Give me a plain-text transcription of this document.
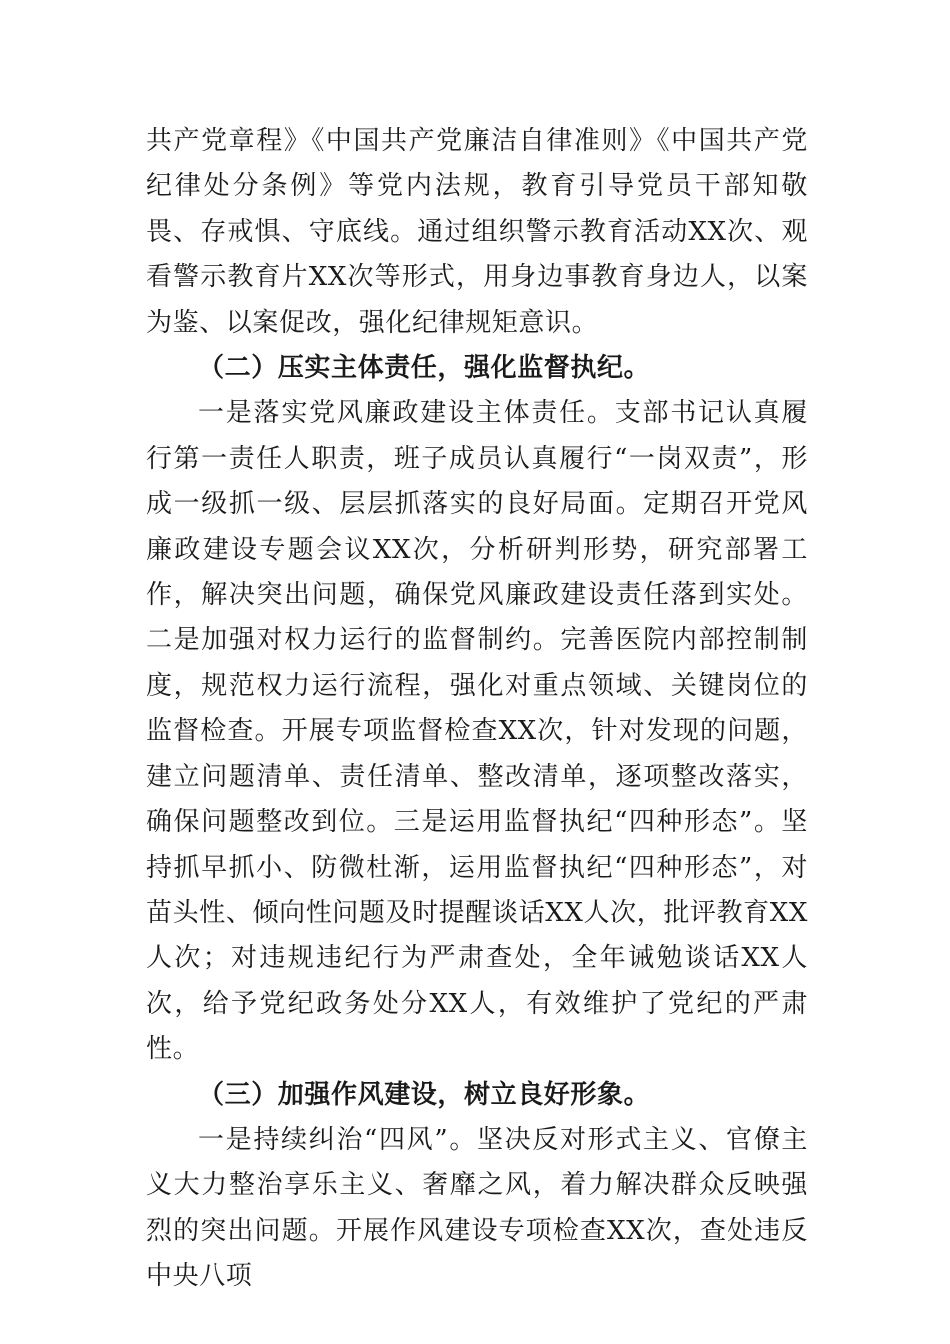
共产党章程》《中国共产党廉洁自律准则》《中国共产党纪律处分条例》等党内法规，教育引导党员干部知敬畏、存戒惧、守底线。通过组织警示教育活动XX次、观看警示教育片XX次等形式，用身边事教育身边人，以案为鉴、以案促改，强化纪律规矩意识。

（二）压实主体责任，强化监督执纪。

一是落实党风廉政建设主体责任。支部书记认真履行第一责任人职责，班子成员认真履行“一岗双责”，形成一级抓一级、层层抓落实的良好局面。定期召开党风廉政建设专题会议XX次，分析研判形势，研究部署工作，解决突出问题，确保党风廉政建设责任落到实处。二是加强对权力运行的监督制约。完善医院内部控制制度，规范权力运行流程，强化对重点领域、关键岗位的监督检查。开展专项监督检查XX次，针对发现的问题，建立问题清单、责任清单、整改清单，逐项整改落实，确保问题整改到位。三是运用监督执纪“四种形态”。坚持抓早抓小、防微杜渐，运用监督执纪“四种形态”，对苗头性、倾向性问题及时提醒谈话XX人次，批评教育XX人次；对违规违纪行为严肃查处，全年诫勉谈话XX人次，给予党纪政务处分XX人，有效维护了党纪的严肃性。

（三）加强作风建设，树立良好形象。

一是持续纠治“四风”。坚决反对形式主义、官僚主义大力整治享乐主义、奢靡之风，着力解决群众反映强烈的突出问题。开展作风建设专项检查XX次，查处违反中央八项
